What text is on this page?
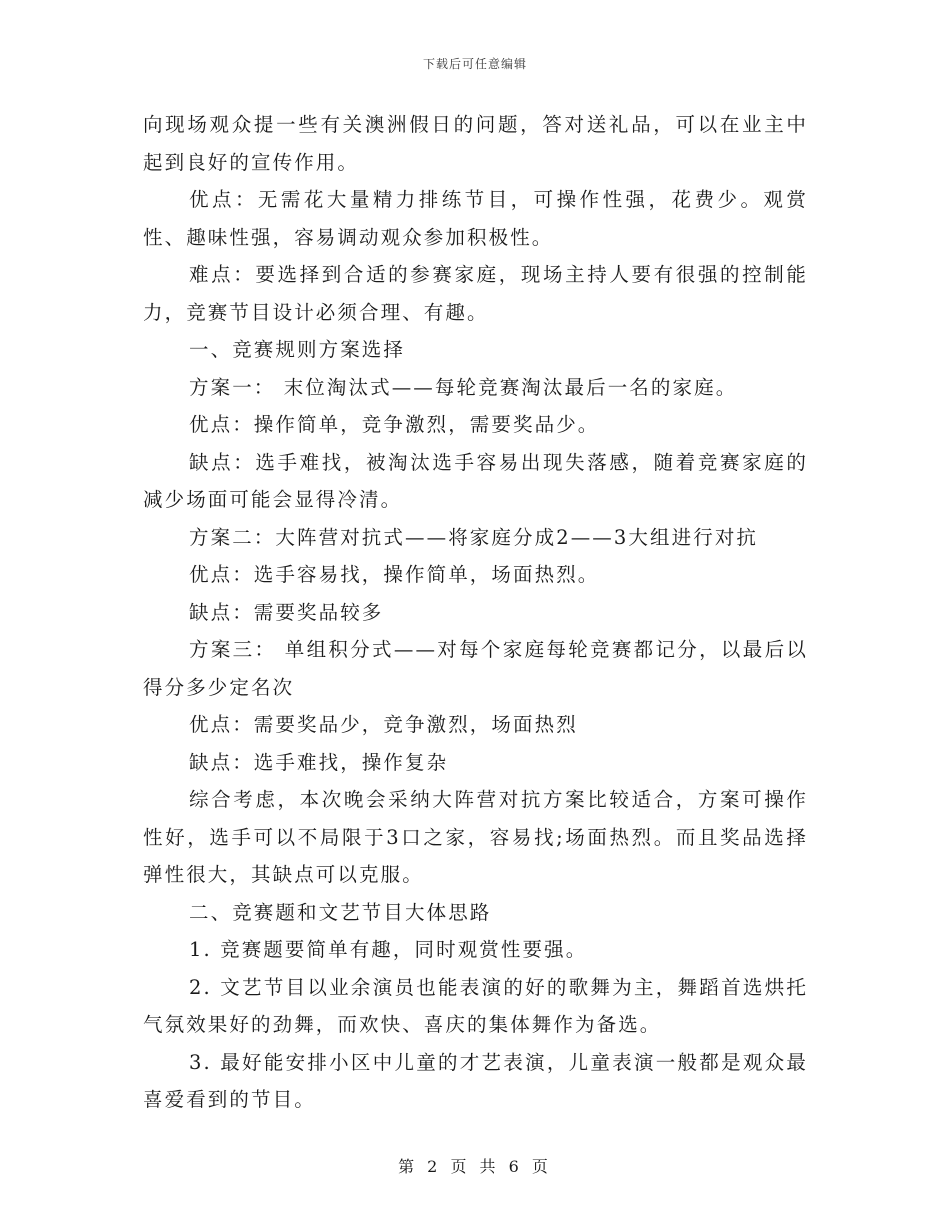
下载后可任意编辑

向现场观众提一些有关澳洲假日的问题，答对送礼品，可以在业主中起到良好的宣传作用。

优点：无需花大量精力排练节目，可操作性强，花费少。观赏性、趣味性强，容易调动观众参加积极性。

难点：要选择到合适的参赛家庭，现场主持人要有很强的控制能力，竞赛节目设计必须合理、有趣。

一、竞赛规则方案选择

方案一： 末位淘汰式——每轮竞赛淘汰最后一名的家庭。

优点：操作简单，竞争激烈，需要奖品少。

缺点：选手难找，被淘汰选手容易出现失落感，随着竞赛家庭的减少场面可能会显得冷清。

方案二：大阵营对抗式——将家庭分成2——3大组进行对抗

优点：选手容易找，操作简单，场面热烈。

缺点：需要奖品较多

方案三： 单组积分式——对每个家庭每轮竞赛都记分，以最后以得分多少定名次

优点：需要奖品少，竞争激烈，场面热烈

缺点：选手难找，操作复杂

综合考虑，本次晚会采纳大阵营对抗方案比较适合，方案可操作性好，选手可以不局限于3口之家，容易找;场面热烈。而且奖品选择弹性很大，其缺点可以克服。

二、竞赛题和文艺节目大体思路

1. 竞赛题要简单有趣，同时观赏性要强。

2. 文艺节目以业余演员也能表演的好的歌舞为主，舞蹈首选烘托气氛效果好的劲舞，而欢快、喜庆的集体舞作为备选。

3. 最好能安排小区中儿童的才艺表演，儿童表演一般都是观众最喜爱看到的节目。

第 2 页 共 6 页
